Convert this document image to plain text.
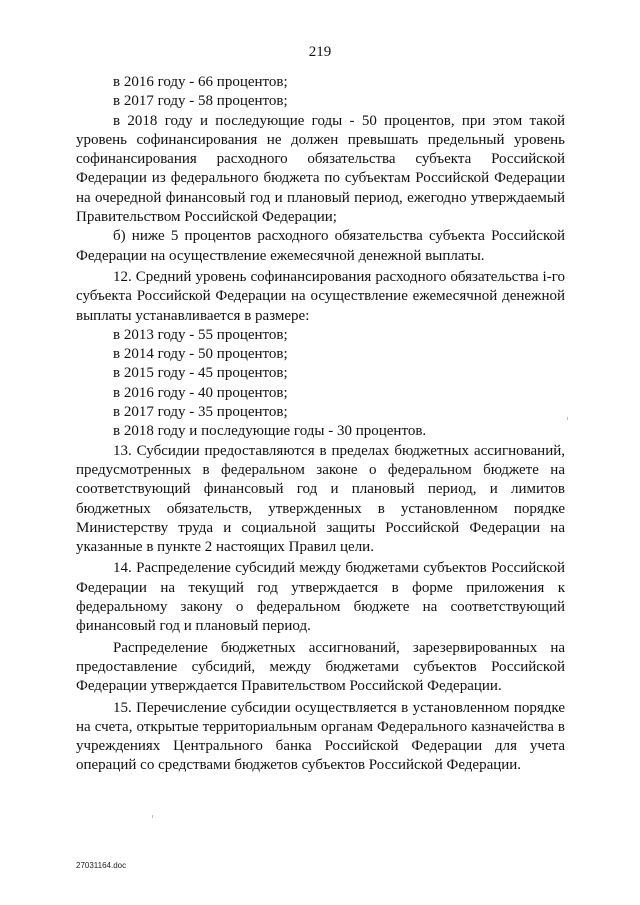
219

в 2016 году - 66 процентов;

в 2017 году - 58 процентов;

в 2018 году и последующие годы - 50 процентов, при этом такой уровень софинансирования не должен превышать предельный уровень софинансирования расходного обязательства субъекта Российской Федерации из федерального бюджета по субъектам Российской Федерации на очередной финансовый год и плановый период, ежегодно утверждаемый Правительством Российской Федерации;

б) ниже 5 процентов расходного обязательства субъекта Российской Федерации на осуществление ежемесячной денежной выплаты.

12. Средний уровень софинансирования расходного обязательства i-го субъекта Российской Федерации на осуществление ежемесячной денежной выплаты устанавливается в размере:

в 2013 году - 55 процентов;

в 2014 году - 50 процентов;

в 2015 году - 45 процентов;

в 2016 году - 40 процентов;

в 2017 году - 35 процентов;

в 2018 году и последующие годы - 30 процентов.

13. Субсидии предоставляются в пределах бюджетных ассигнований, предусмотренных в федеральном законе о федеральном бюджете на соответствующий финансовый год и плановый период, и лимитов бюджетных обязательств, утвержденных в установленном порядке Министерству труда и социальной защиты Российской Федерации на указанные в пункте 2 настоящих Правил цели.

14. Распределение субсидий между бюджетами субъектов Российской Федерации на текущий год утверждается в форме приложения к федеральному закону о федеральном бюджете на соответствующий финансовый год и плановый период.

Распределение бюджетных ассигнований, зарезервированных на предоставление субсидий, между бюджетами субъектов Российской Федерации утверждается Правительством Российской Федерации.

15. Перечисление субсидии осуществляется в установленном порядке на счета, открытые территориальным органам Федерального казначейства в учреждениях Центрального банка Российской Федерации для учета операций со средствами бюджетов субъектов Российской Федерации.

27031164.doc
